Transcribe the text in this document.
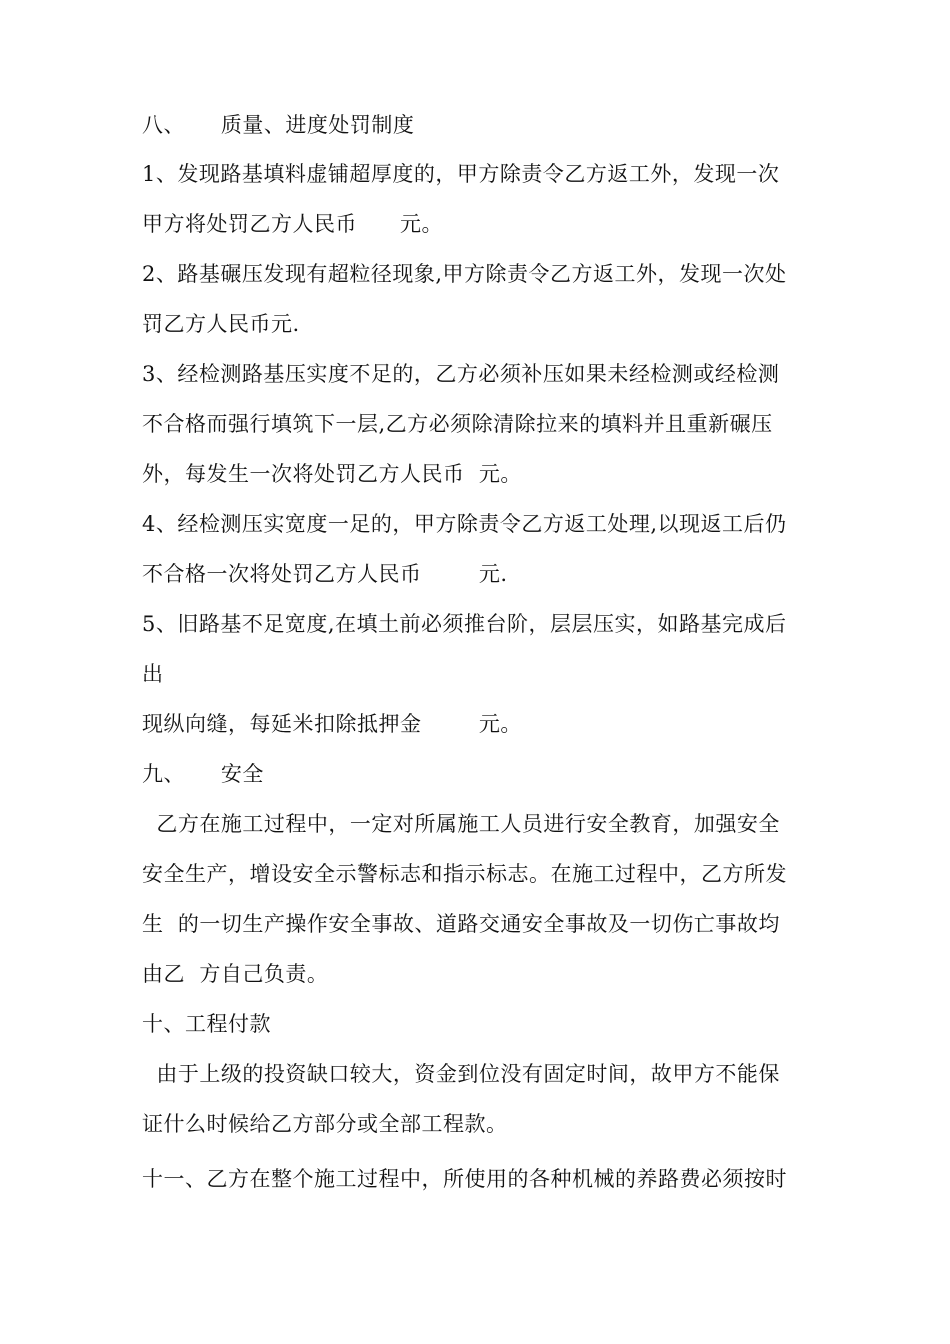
八、     质量、进度处罚制度
1、发现路基填料虚铺超厚度的，甲方除责令乙方返工外，发现一次
甲方将处罚乙方人民币      元。
2、路基碾压发现有超粒径现象,甲方除责令乙方返工外，发现一次处
罚乙方人民币元.
3、经检测路基压实度不足的，乙方必须补压如果未经检测或经检测
不合格而强行填筑下一层,乙方必须除清除拉来的填料并且重新碾压
外，每发生一次将处罚乙方人民币  元。
4、经检测压实宽度一足的，甲方除责令乙方返工处理,以现返工后仍
不合格一次将处罚乙方人民币        元.
5、旧路基不足宽度,在填土前必须推台阶，层层压实，如路基完成后
出
现纵向缝，每延米扣除抵押金        元。
九、     安全
乙方在施工过程中，一定对所属施工人员进行安全教育，加强安全
安全生产，增设安全示警标志和指示标志。在施工过程中，乙方所发
生  的一切生产操作安全事故、道路交通安全事故及一切伤亡事故均
由乙  方自己负责。
十、工程付款
由于上级的投资缺口较大，资金到位没有固定时间，故甲方不能保
证什么时候给乙方部分或全部工程款。
十一、乙方在整个施工过程中，所使用的各种机械的养路费必须按时
